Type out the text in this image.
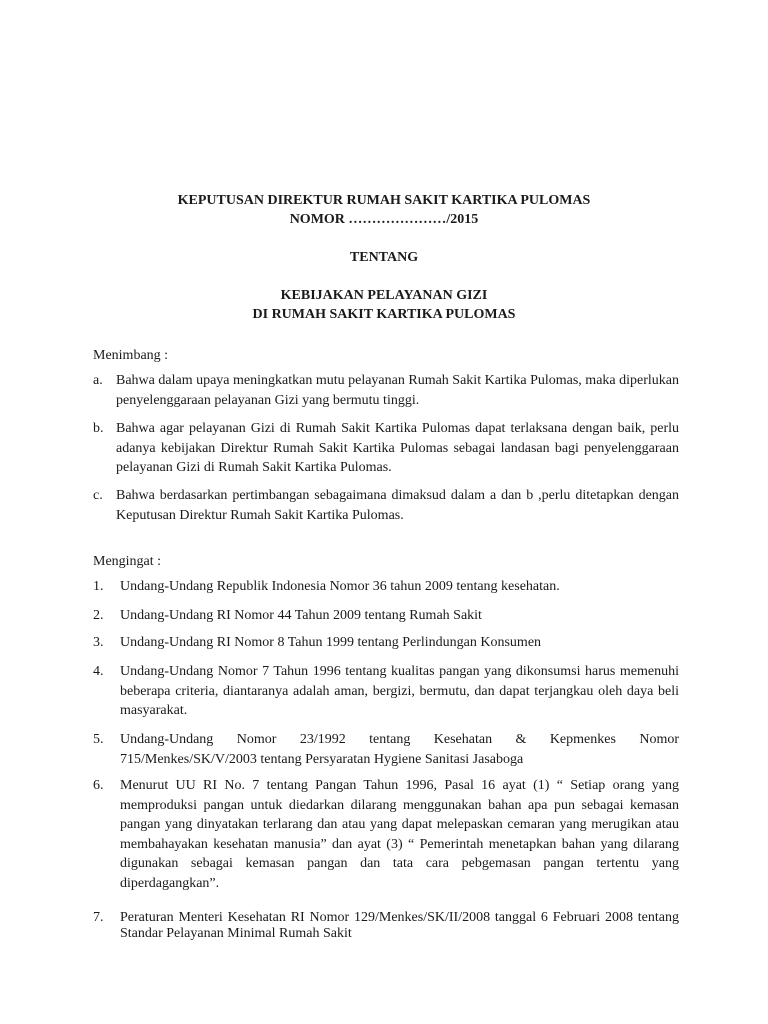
KEPUTUSAN DIREKTUR RUMAH SAKIT KARTIKA PULOMAS
NOMOR …………………/2015
TENTANG
KEBIJAKAN PELAYANAN GIZI
DI RUMAH SAKIT KARTIKA PULOMAS
Menimbang :
a. Bahwa dalam upaya meningkatkan mutu pelayanan Rumah Sakit Kartika Pulomas, maka diperlukan penyelenggaraan pelayanan Gizi yang bermutu tinggi.
b. Bahwa agar pelayanan Gizi di Rumah Sakit Kartika Pulomas dapat terlaksana dengan baik, perlu adanya kebijakan Direktur Rumah Sakit Kartika Pulomas sebagai landasan bagi penyelenggaraan pelayanan Gizi di Rumah Sakit Kartika Pulomas.
c. Bahwa berdasarkan pertimbangan sebagaimana dimaksud dalam a dan b ,perlu ditetapkan dengan Keputusan Direktur Rumah Sakit Kartika Pulomas.
Mengingat :
1. Undang-Undang Republik Indonesia Nomor 36 tahun 2009 tentang kesehatan.
2. Undang-Undang RI Nomor 44 Tahun 2009 tentang Rumah Sakit
3. Undang-Undang RI Nomor 8 Tahun 1999 tentang Perlindungan Konsumen
4. Undang-Undang Nomor 7 Tahun 1996 tentang kualitas pangan yang dikonsumsi harus memenuhi beberapa criteria, diantaranya adalah aman, bergizi, bermutu, dan dapat terjangkau oleh daya beli masyarakat.
5. Undang-Undang Nomor 23/1992 tentang Kesehatan & Kepmenkes Nomor 715/Menkes/SK/V/2003 tentang Persyaratan Hygiene Sanitasi Jasaboga
6. Menurut UU RI No. 7 tentang Pangan Tahun 1996, Pasal 16 ayat (1) “ Setiap orang yang memproduksi pangan untuk diedarkan dilarang menggunakan bahan apa pun sebagai kemasan pangan yang dinyatakan terlarang dan atau yang dapat melepaskan cemaran yang merugikan atau membahayakan kesehatan manusia” dan ayat (3) “ Pemerintah menetapkan bahan yang dilarang digunakan sebagai kemasan pangan dan tata cara pebgemasan pangan tertentu yang diperdagangkan”.
7. Peraturan Menteri Kesehatan RI Nomor 129/Menkes/SK/II/2008 tanggal 6 Februari 2008 tentang Standar Pelayanan Minimal Rumah Sakit
